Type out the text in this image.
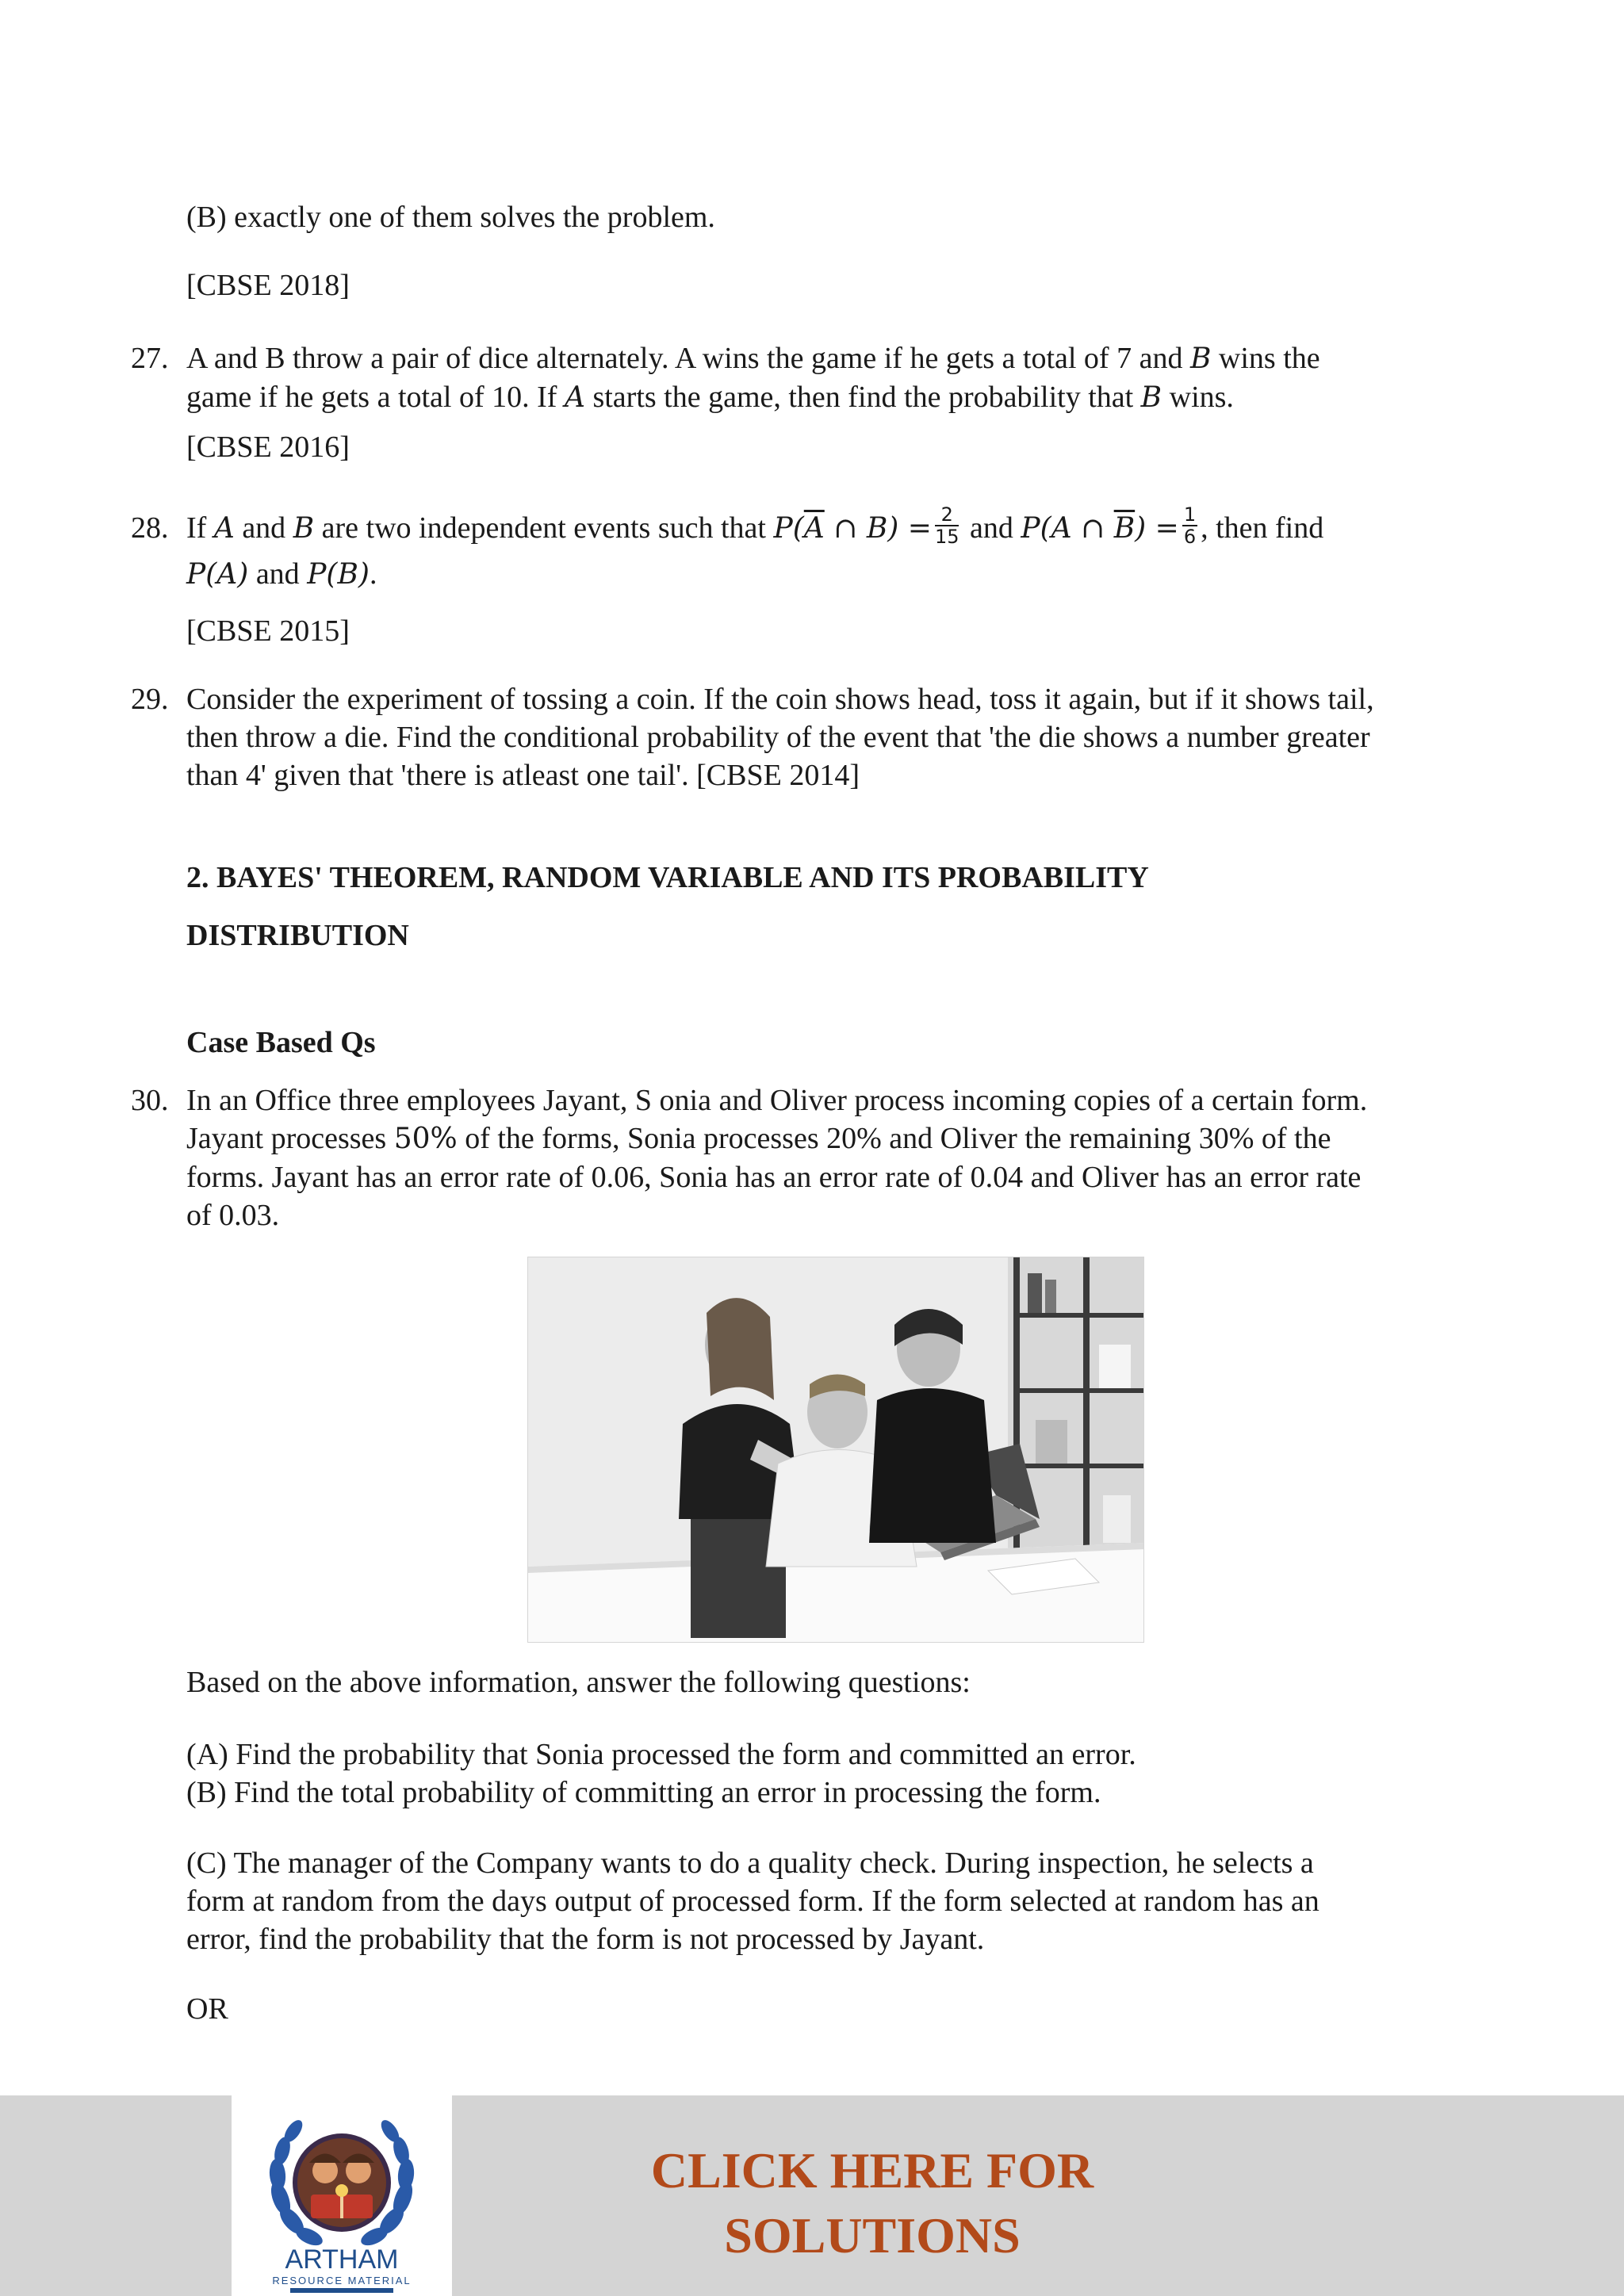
(B) exactly one of them solves the problem.
[CBSE 2018]
27. A and B throw a pair of dice alternately. A wins the game if he gets a total of 7 and B wins the
game if he gets a total of 10. If A starts the game, then find the probability that B wins.
[CBSE 2016]
28. If A and B are two independent events such that $P(\overline{A}$ ∩ $B) = \frac{2}{15}$ and P(A ∩ $\overline{B}) = \frac{1}{6}$ , then find
P(A) and P(B).
[CBSE 2015]
29. Consider the experiment of tossing a coin. If the coin shows head, toss it again, but if it shows tail,
then throw a die. Find the conditional probability of the event that 'the die shows a number greater
than 4' given that 'there is atleast one tail'. [CBSE 2014]
2. BAYES' THEOREM, RANDOM VARIABLE AND ITS PROBABILITY
DISTRIBUTION
Case Based Qs
30. In an Office three employees Jayant, S onia and Oliver process incoming copies of a certain form.
Jayant processes 50% of the forms, Sonia processes 20% and Oliver the remaining 30% of the
forms. Jayant has an error rate of 0.06, Sonia has an error rate of 0.04 and Oliver has an error rate
of 0.03.
Based on the above information, answer the following questions:
(A) Find the probability that Sonia processed the form and committed an error.
(B) Find the total probability of committing an error in processing the form.
(C) The manager of the Company wants to do a quality check. During inspection, he selects a
form at random from the days output of processed form. If the form selected at random has an
error, find the probability that the form is not processed by Jayant.
OR
ARTHAM
RESOURCE MATERIAL
CLICK HERE FOR
SOLUTIONS
